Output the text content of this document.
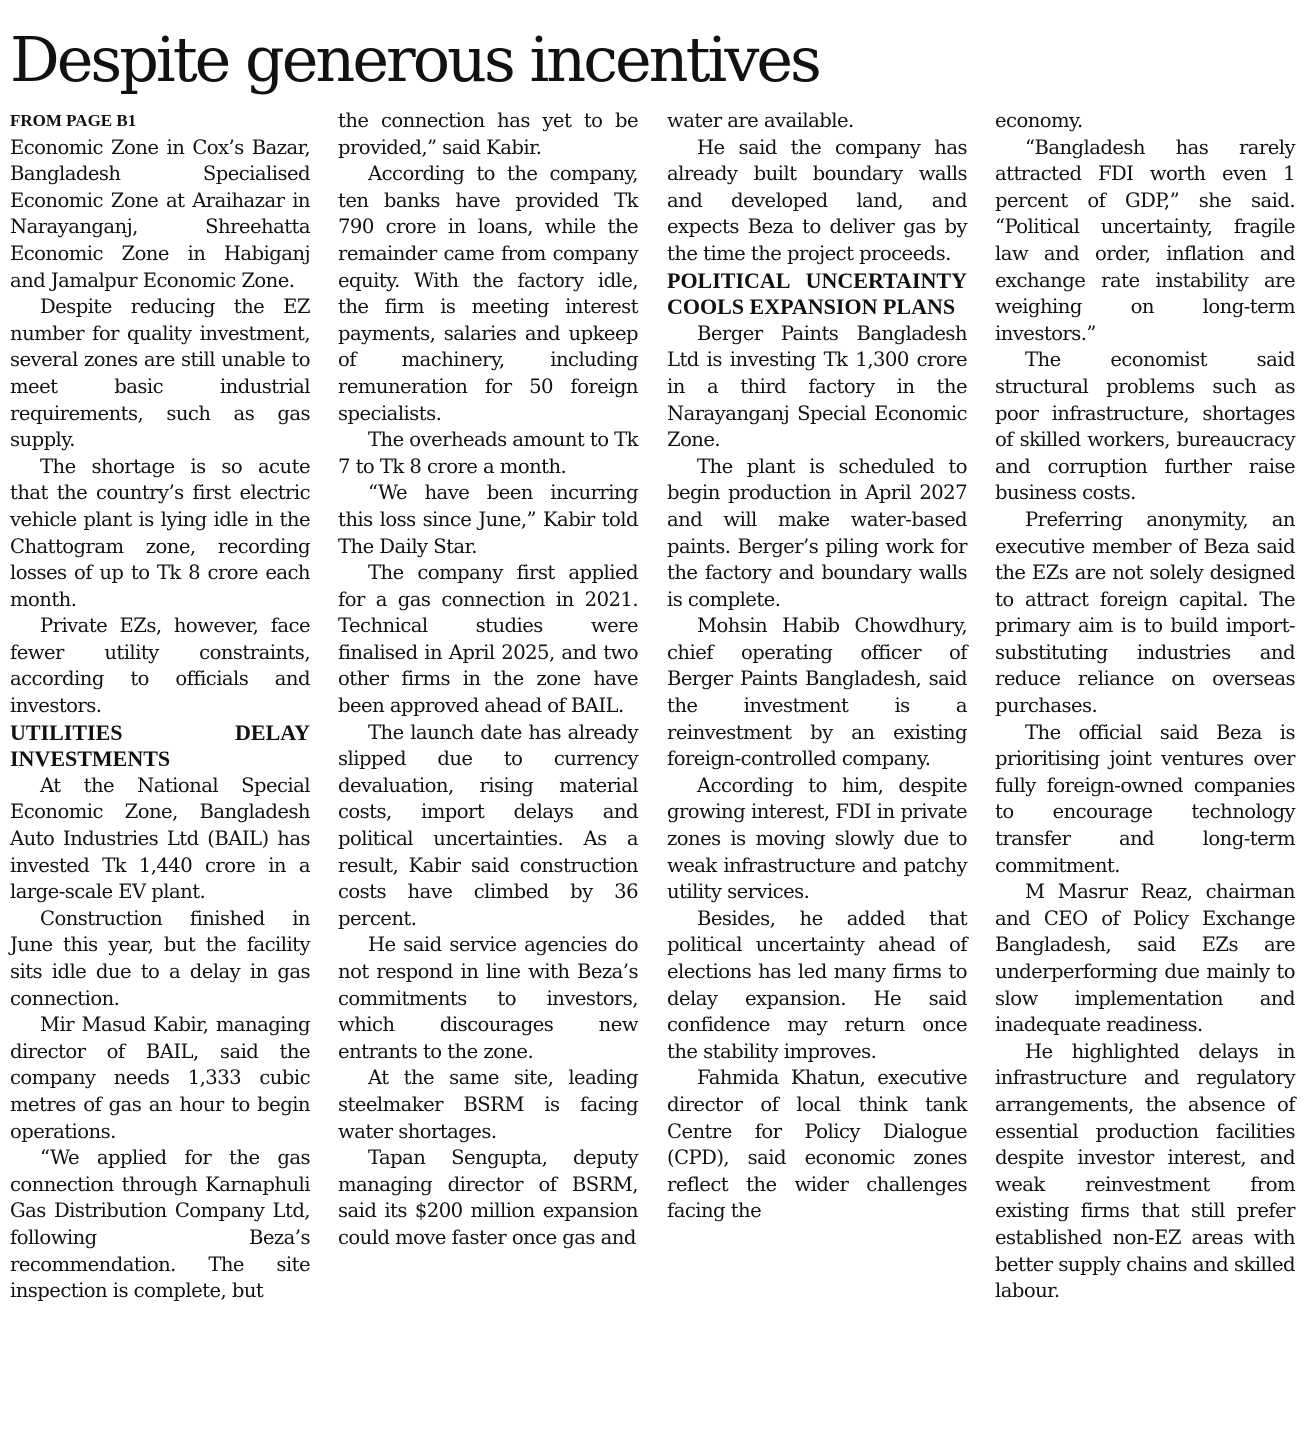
Despite generous incentives
FROM PAGE B1

Economic Zone in Cox’s Bazar, Bangladesh Specialised Economic Zone at Araihazar in Narayanganj, Shreehatta Economic Zone in Habiganj and Jamalpur Economic Zone.

Despite reducing the EZ number for quality investment, several zones are still unable to meet basic industrial requirements, such as gas supply.

The shortage is so acute that the country’s first electric vehicle plant is lying idle in the Chattogram zone, recording losses of up to Tk 8 crore each month.

Private EZs, however, face fewer utility constraints, according to officials and investors.

UTILITIES DELAY INVESTMENTS

At the National Special Economic Zone, Bangladesh Auto Industries Ltd (BAIL) has invested Tk 1,440 crore in a large-scale EV plant.

Construction finished in June this year, but the facility sits idle due to a delay in gas connection.

Mir Masud Kabir, managing director of BAIL, said the company needs 1,333 cubic metres of gas an hour to begin operations.

“We applied for the gas connection through Karnaphuli Gas Distribution Company Ltd, following Beza’s recommendation. The site inspection is complete, but

the connection has yet to be provided,” said Kabir.

According to the company, ten banks have provided Tk 790 crore in loans, while the remainder came from company equity. With the factory idle, the firm is meeting interest payments, salaries and upkeep of machinery, including remuneration for 50 foreign specialists.

The overheads amount to Tk 7 to Tk 8 crore a month.

“We have been incurring this loss since June,” Kabir told The Daily Star.

The company first applied for a gas connection in 2021. Technical studies were finalised in April 2025, and two other firms in the zone have been approved ahead of BAIL.

The launch date has already slipped due to currency devaluation, rising material costs, import delays and political uncertainties. As a result, Kabir said construction costs have climbed by 36 percent.

He said service agencies do not respond in line with Beza’s commitments to investors, which discourages new entrants to the zone.

At the same site, leading steelmaker BSRM is facing water shortages.

Tapan Sengupta, deputy managing director of BSRM, said its $200 million expansion could move faster once gas and

water are available.

He said the company has already built boundary walls and developed land, and expects Beza to deliver gas by the time the project proceeds.

POLITICAL UNCERTAINTY COOLS EXPANSION PLANS

Berger Paints Bangladesh Ltd is investing Tk 1,300 crore in a third factory in the Narayanganj Special Economic Zone.

The plant is scheduled to begin production in April 2027 and will make water-based paints. Berger’s piling work for the factory and boundary walls is complete.

Mohsin Habib Chowdhury, chief operating officer of Berger Paints Bangladesh, said the investment is a reinvestment by an existing foreign-controlled company.

According to him, despite growing interest, FDI in private zones is moving slowly due to weak infrastructure and patchy utility services.

Besides, he added that political uncertainty ahead of elections has led many firms to delay expansion. He said confidence may return once the stability improves.

Fahmida Khatun, executive director of local think tank Centre for Policy Dialogue (CPD), said economic zones reflect the wider challenges facing the

economy.

“Bangladesh has rarely attracted FDI worth even 1 percent of GDP,” she said. “Political uncertainty, fragile law and order, inflation and exchange rate instability are weighing on long-term investors.”

The economist said structural problems such as poor infrastructure, shortages of skilled workers, bureaucracy and corruption further raise business costs.

Preferring anonymity, an executive member of Beza said the EZs are not solely designed to attract foreign capital. The primary aim is to build import-substituting industries and reduce reliance on overseas purchases.

The official said Beza is prioritising joint ventures over fully foreign-owned companies to encourage technology transfer and long-term commitment.

M Masrur Reaz, chairman and CEO of Policy Exchange Bangladesh, said EZs are underperforming due mainly to slow implementation and inadequate readiness.

He highlighted delays in infrastructure and regulatory arrangements, the absence of essential production facilities despite investor interest, and weak reinvestment from existing firms that still prefer established non-EZ areas with better supply chains and skilled labour.
